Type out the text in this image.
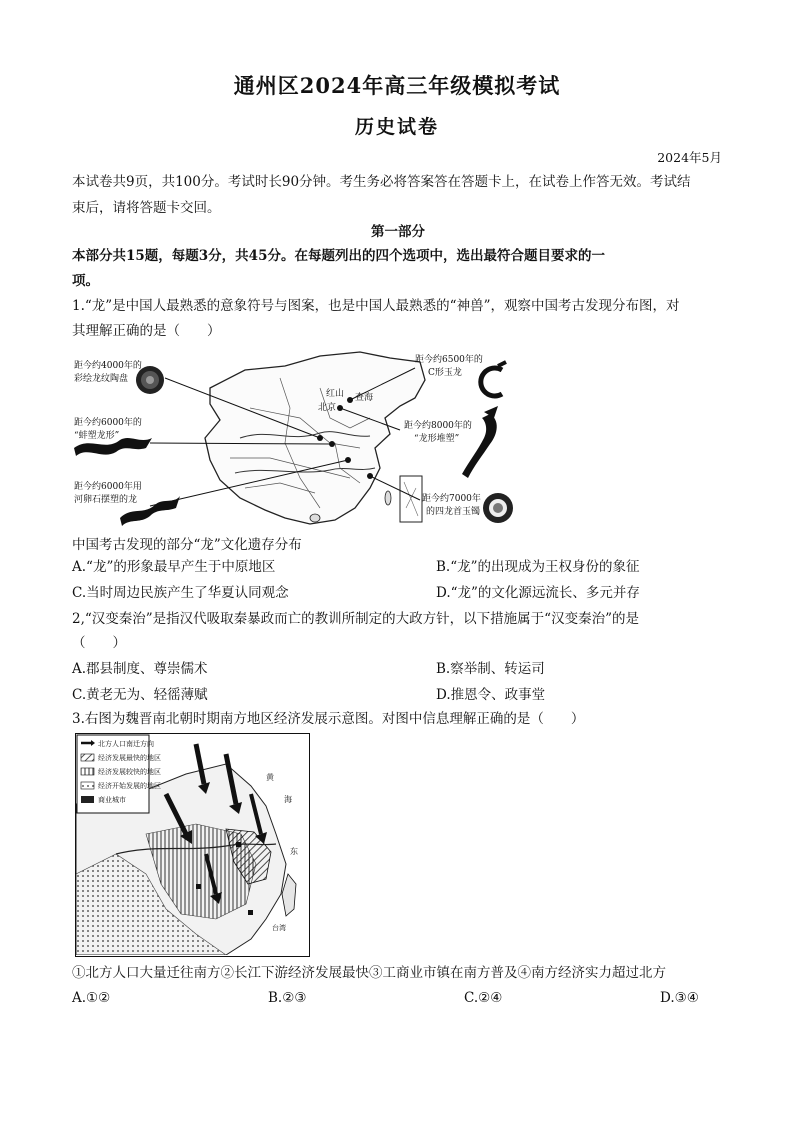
通州区2024年高三年级模拟考试
历史试卷
2024年5月
本试卷共9页，共100分。考试时长90分钟。考生务必将答案答在答题卡上，在试卷上作答无效。考试结
束后，请将答题卡交回。
第一部分
本部分共15题，每题3分，共45分。在每题列出的四个选项中，选出最符合题目要求的一
项。
1.“龙”是中国人最熟悉的意象符号与图案，也是中国人最熟悉的“神兽”，观察中国考古发现分布图，对
其理解正确的是（　　）
距今约4000年的
彩绘龙纹陶盘
距今约6000年的
“蚌塑龙形”
距今约6000年用
河卵石摆塑的龙
距今约6500年的
C形玉龙
距今约8000年的
“龙形堆塑”
距今约7000年
的四龙首玉镯
红山
北京
查海
中国考古发现的部分“龙”文化遗存分布
A.“龙”的形象最早产生于中原地区	B.“龙”的出现成为王权身份的象征
C.当时周边民族产生了华夏认同观念	D.“龙”的文化源远流长、多元并存
2,“汉变秦治”是指汉代吸取秦暴政而亡的教训所制定的大政方针，以下措施属于“汉变秦治”的是
（　　）
A.郡县制度、尊崇儒术	B.察举制、转运司
C.黄老无为、轻徭薄赋	D.推恩令、政事堂
3.右图为魏晋南北朝时期南方地区经济发展示意图。对图中信息理解正确的是（　　）
北方人口南迁方向
经济发展最快的地区
经济发展较快的地区
经济开始发展的地区
商业城市
黄
海
东
台湾
①北方人口大量迁往南方②长江下游经济发展最快③工商业市镇在南方普及④南方经济实力超过北方
A.①②	B.②③	C.②④	D.③④
